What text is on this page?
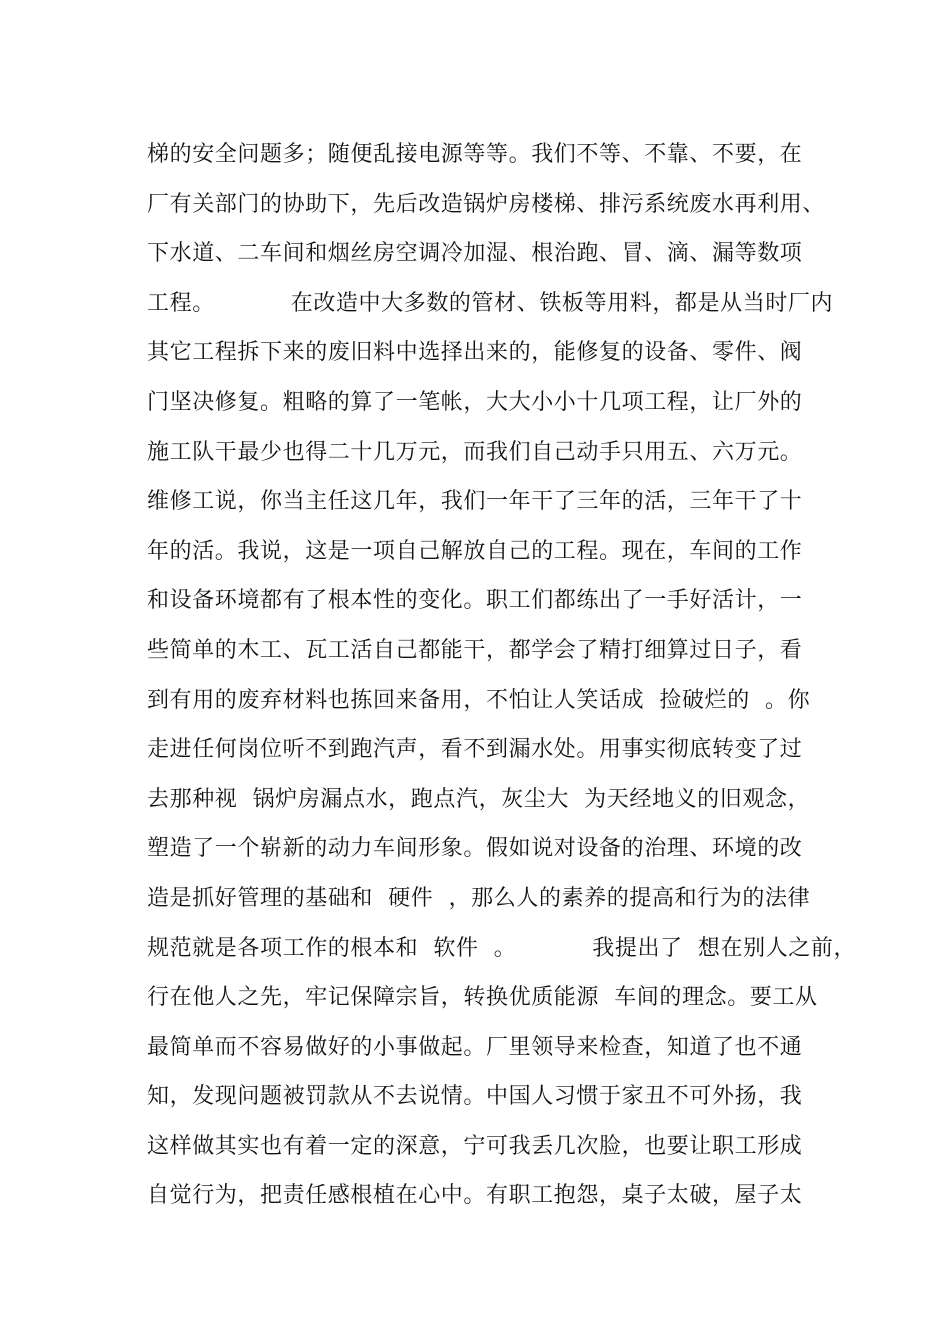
梯的安全问题多；随便乱接电源等等。我们不等、不靠、不要，在
厂有关部门的协助下，先后改造锅炉房楼梯、排污系统废水再利用、
下水道、二车间和烟丝房空调冷加湿、根治跑、冒、滴、漏等数项
工程。          在改造中大多数的管材、铁板等用料，都是从当时厂内
其它工程拆下来的废旧料中选择出来的，能修复的设备、零件、阀
门坚决修复。粗略的算了一笔帐，大大小小十几项工程，让厂外的
施工队干最少也得二十几万元，而我们自己动手只用五、六万元。
维修工说，你当主任这几年，我们一年干了三年的活，三年干了十
年的活。我说，这是一项自己解放自己的工程。现在，车间的工作
和设备环境都有了根本性的变化。职工们都练出了一手好活计，一
些简单的木工、瓦工活自己都能干，都学会了精打细算过日子，看
到有用的废弃材料也拣回来备用，不怕让人笑话成  捡破烂的  。你
走进任何岗位听不到跑汽声，看不到漏水处。用事实彻底转变了过
去那种视  锅炉房漏点水，跑点汽，灰尘大  为天经地义的旧观念，
塑造了一个崭新的动力车间形象。假如说对设备的治理、环境的改
造是抓好管理的基础和  硬件  ，那么人的素养的提高和行为的法律
规范就是各项工作的根本和  软件  。          我提出了  想在别人之前，
行在他人之先，牢记保障宗旨，转换优质能源  车间的理念。要工从
最简单而不容易做好的小事做起。厂里领导来检查，知道了也不通
知，发现问题被罚款从不去说情。中国人习惯于家丑不可外扬，我
这样做其实也有着一定的深意，宁可我丢几次脸，也要让职工形成
自觉行为，把责任感根植在心中。有职工抱怨，桌子太破，屋子太
